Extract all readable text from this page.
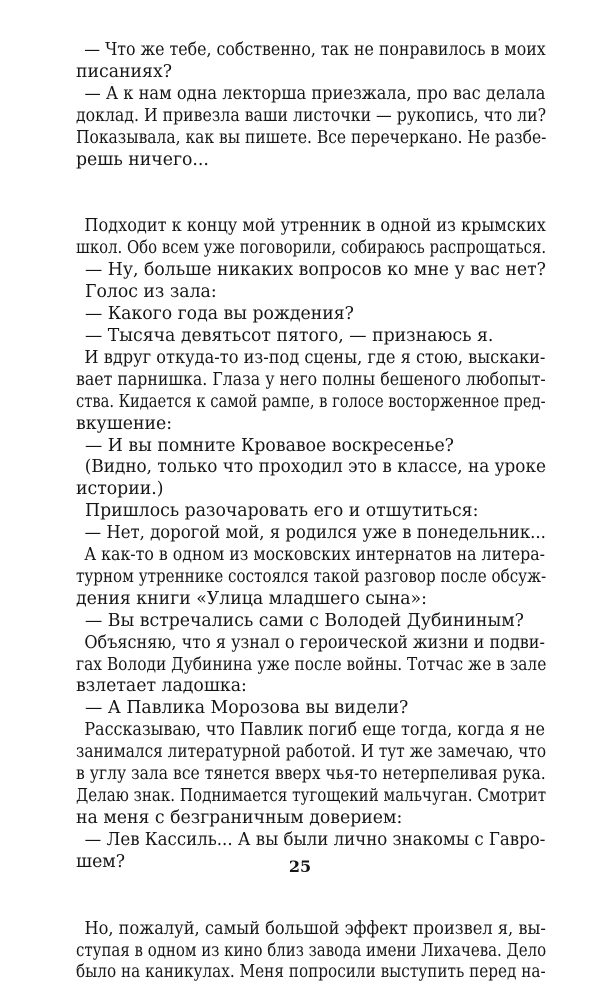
— Что же тебе, собственно, так не понравилось в моих
писаниях?
— А к нам одна лекторша приезжала, про вас делала
доклад. И привезла ваши листочки — рукопись, что ли?
Показывала, как вы пишете. Все перечеркано. Не разбе-
решь ничего...
Подходит к концу мой утренник в одной из крымских
школ. Обо всем уже поговорили, собираюсь распрощаться.
— Ну, больше никаких вопросов ко мне у вас нет?
Голос из зала:
— Какого года вы рождения?
— Тысяча девятьсот пятого, — признаюсь я.
И вдруг откуда-то из-под сцены, где я стою, выскаки-
вает парнишка. Глаза у него полны бешеного любопыт-
ства. Кидается к самой рампе, в голосе восторженное пред-
вкушение:
— И вы помните Кровавое воскресенье?
(Видно, только что проходил это в классе, на уроке
истории.)
Пришлось разочаровать его и отшутиться:
— Нет, дорогой мой, я родился уже в понедельник...
А как-то в одном из московских интернатов на литера-
турном утреннике состоялся такой разговор после обсуж-
дения книги «Улица младшего сына»:
— Вы встречались сами с Володей Дубининым?
Объясняю, что я узнал о героической жизни и подви-
гах Володи Дубинина уже после войны. Тотчас же в зале
взлетает ладошка:
— А Павлика Морозова вы видели?
Рассказываю, что Павлик погиб еще тогда, когда я не
занимался литературной работой. И тут же замечаю, что
в углу зала все тянется вверх чья-то нетерпеливая рука.
Делаю знак. Поднимается тугощекий мальчуган. Смотрит
на меня с безграничным доверием:
— Лев Кассиль... А вы были лично знакомы с Гавро-
шем?
Но, пожалуй, самый большой эффект произвел я, вы-
ступая в одном из кино близ завода имени Лихачева. Дело
было на каникулах. Меня попросили выступить перед на-
25
